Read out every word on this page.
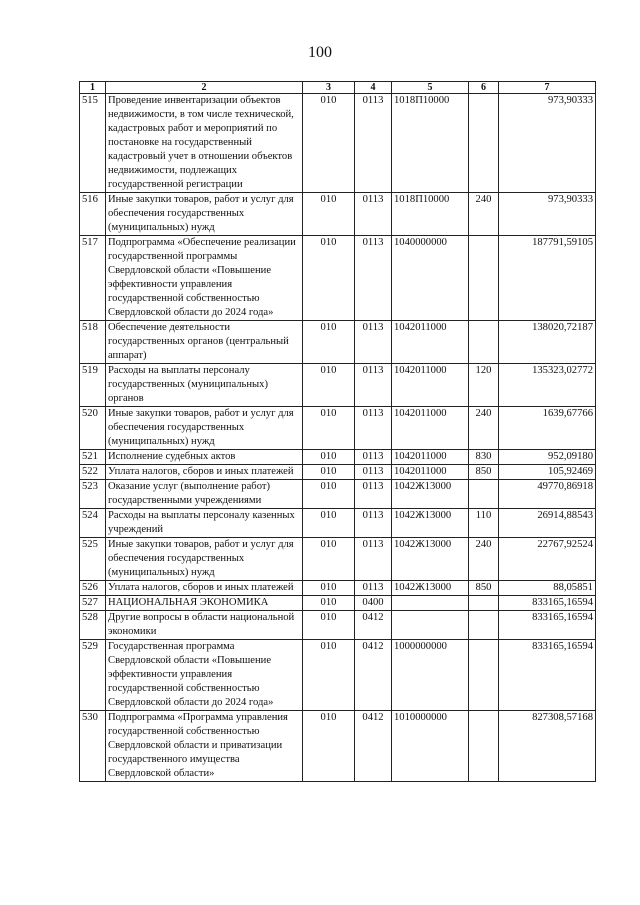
100
1	2	3	4	5	6	7
515	Проведение инвентаризации объектов недвижимости, в том числе технической, кадастровых работ и мероприятий по постановке на государственный кадастровый учет в отношении объектов недвижимости, подлежащих государственной регистрации	010	0113	1018П10000		973,90333
516	Иные закупки товаров, работ и услуг для обеспечения государственных (муниципальных) нужд	010	0113	1018П10000	240	973,90333
517	Подпрограмма «Обеспечение реализации государственной программы Свердловской области «Повышение эффективности управления государственной собственностью Свердловской области до 2024 года»	010	0113	1040000000		187791,59105
518	Обеспечение деятельности государственных органов (центральный аппарат)	010	0113	1042011000		138020,72187
519	Расходы на выплаты персоналу государственных (муниципальных) органов	010	0113	1042011000	120	135323,02772
520	Иные закупки товаров, работ и услуг для обеспечения государственных (муниципальных) нужд	010	0113	1042011000	240	1639,67766
521	Исполнение судебных актов	010	0113	1042011000	830	952,09180
522	Уплата налогов, сборов и иных платежей	010	0113	1042011000	850	105,92469
523	Оказание услуг (выполнение работ) государственными учреждениями	010	0113	1042Ж13000		49770,86918
524	Расходы на выплаты персоналу казенных учреждений	010	0113	1042Ж13000	110	26914,88543
525	Иные закупки товаров, работ и услуг для обеспечения государственных (муниципальных) нужд	010	0113	1042Ж13000	240	22767,92524
526	Уплата налогов, сборов и иных платежей	010	0113	1042Ж13000	850	88,05851
527	НАЦИОНАЛЬНАЯ ЭКОНОМИКА	010	0400			833165,16594
528	Другие вопросы в области национальной экономики	010	0412			833165,16594
529	Государственная программа Свердловской области «Повышение эффективности управления государственной собственностью Свердловской области до 2024 года»	010	0412	1000000000		833165,16594
530	Подпрограмма «Программа управления государственной собственностью Свердловской области и приватизации государственного имущества Свердловской области»	010	0412	1010000000		827308,57168
